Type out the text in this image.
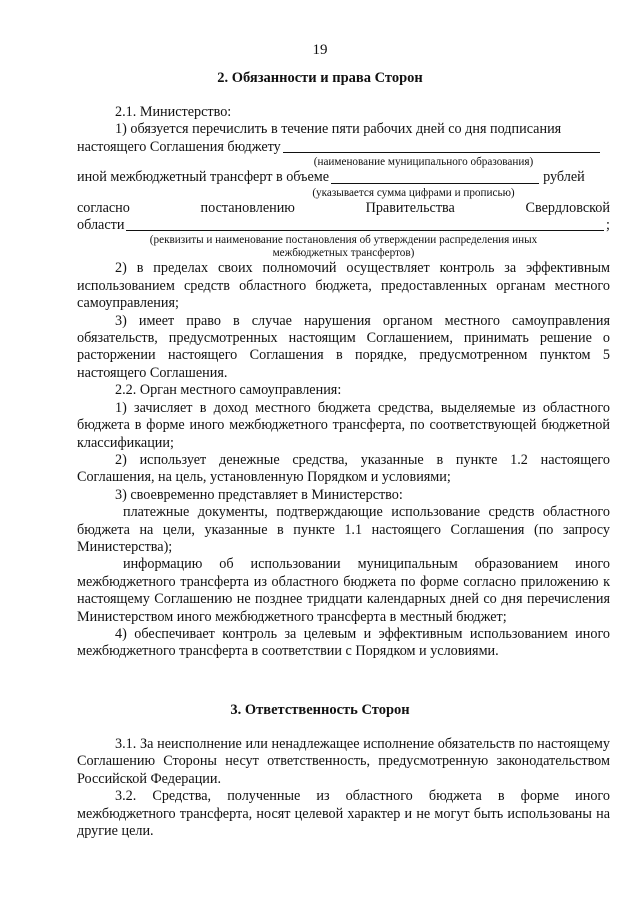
19
2. Обязанности и права Сторон

2.1. Министерство:

1) обязуется перечислить в течение пяти рабочих дней со дня подписания

настоящего Соглашения бюджету
(наименование муниципального образования)
иной межбюджетный трансферт в объеме	рублей
(указывается сумма цифрами и прописью)
согласно	постановлению	Правительства	Свердловской
области	;
(реквизиты и наименование постановления об утверждении распределения иных межбюджетных трансфертов)

2) в пределах своих полномочий осуществляет контроль за эффективным использованием средств областного бюджета, предоставленных органам местного самоуправления;

3) имеет право в случае нарушения органом местного самоуправления обязательств, предусмотренных настоящим Соглашением, принимать решение о расторжении настоящего Соглашения в порядке, предусмотренном пунктом 5 настоящего Соглашения.

2.2. Орган местного самоуправления:

1) зачисляет в доход местного бюджета средства, выделяемые из областного бюджета в форме иного межбюджетного трансферта, по соответствующей бюджетной классификации;

2) использует денежные средства, указанные в пункте 1.2 настоящего Соглашения, на цель, установленную Порядком и условиями;

3) своевременно представляет в Министерство:

платежные документы, подтверждающие использование средств областного бюджета на цели, указанные в пункте 1.1 настоящего Соглашения (по запросу Министерства);

информацию об использовании муниципальным образованием иного межбюджетного трансферта из областного бюджета по форме согласно приложению к настоящему Соглашению не позднее тридцати календарных дней со дня перечисления Министерством иного межбюджетного трансферта в местный бюджет;

4) обеспечивает контроль за целевым и эффективным использованием иного межбюджетного трансферта в соответствии с Порядком и условиями.

3. Ответственность Сторон

3.1. За неисполнение или ненадлежащее исполнение обязательств по настоящему Соглашению Стороны несут ответственность, предусмотренную законодательством Российской Федерации.

3.2. Средства, полученные из областного бюджета в форме иного межбюджетного трансферта, носят целевой характер и не могут быть использованы на другие цели.
